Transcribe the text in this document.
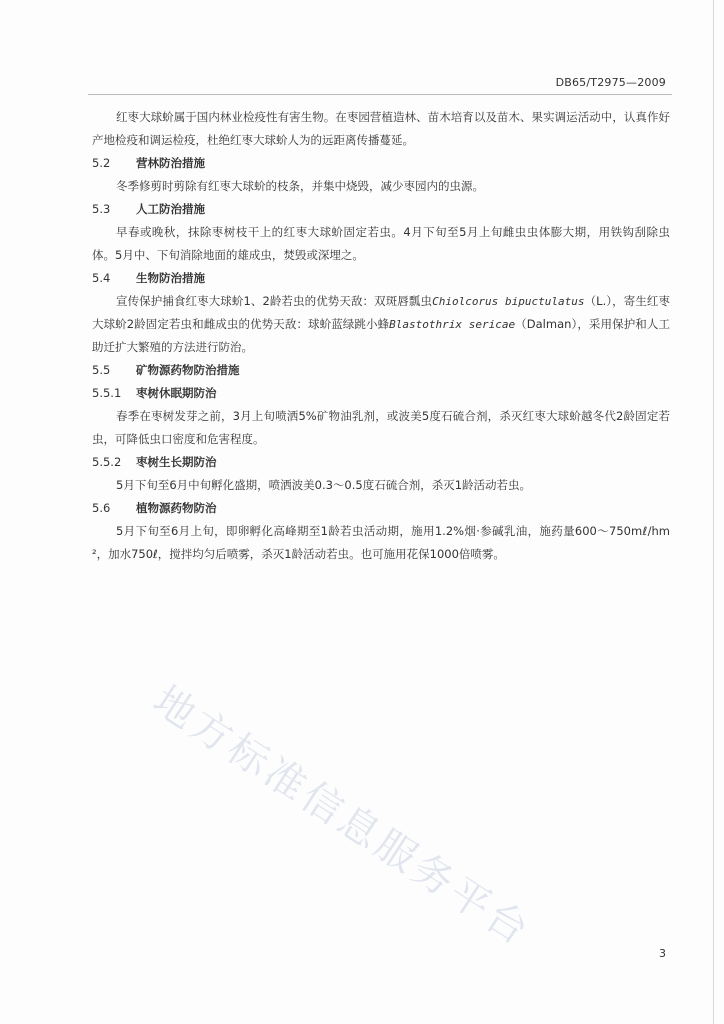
DB65/T2975—2009

红枣大球蚧属于国内林业检疫性有害生物。在枣园营植造林、苗木培育以及苗木、果实调运活动中，认真作好产地检疫和调运检疫，杜绝红枣大球蚧人为的远距离传播蔓延。

5.2	营林防治措施

冬季修剪时剪除有红枣大球蚧的枝条，并集中烧毁，减少枣园内的虫源。

5.3	人工防治措施

早春或晚秋，抹除枣树枝干上的红枣大球蚧固定若虫。4月下旬至5月上旬雌虫虫体膨大期，用铁钩刮除虫体。5月中、下旬消除地面的雄成虫，焚毁或深埋之。

5.4	生物防治措施

宣传保护捕食红枣大球蚧1、2龄若虫的优势天敌：双斑唇瓢虫Chiolcorus bipuctulatus（L.），寄生红枣大球蚧2龄固定若虫和雌成虫的优势天敌：球蚧蓝绿跳小蜂Blastothrix sericae（Dalman），采用保护和人工助迁扩大繁殖的方法进行防治。

5.5	矿物源药物防治措施
5.5.1 枣树休眠期防治

春季在枣树发芽之前，3月上旬喷洒5%矿物油乳剂，或波美5度石硫合剂，杀灭红枣大球蚧越冬代2龄固定若虫，可降低虫口密度和危害程度。

5.5.2 枣树生长期防治

5月下旬至6月中旬孵化盛期，喷洒波美0.3～0.5度石硫合剂，杀灭1龄活动若虫。

5.6	植物源药物防治

5月下旬至6月上旬，即卵孵化高峰期至1龄若虫活动期，施用1.2%烟·参碱乳油，施药量600～750mℓ/hm²，加水750ℓ，搅拌均匀后喷雾，杀灭1龄活动若虫。也可施用花保1000倍喷雾。

地方标准信息服务平台	3
